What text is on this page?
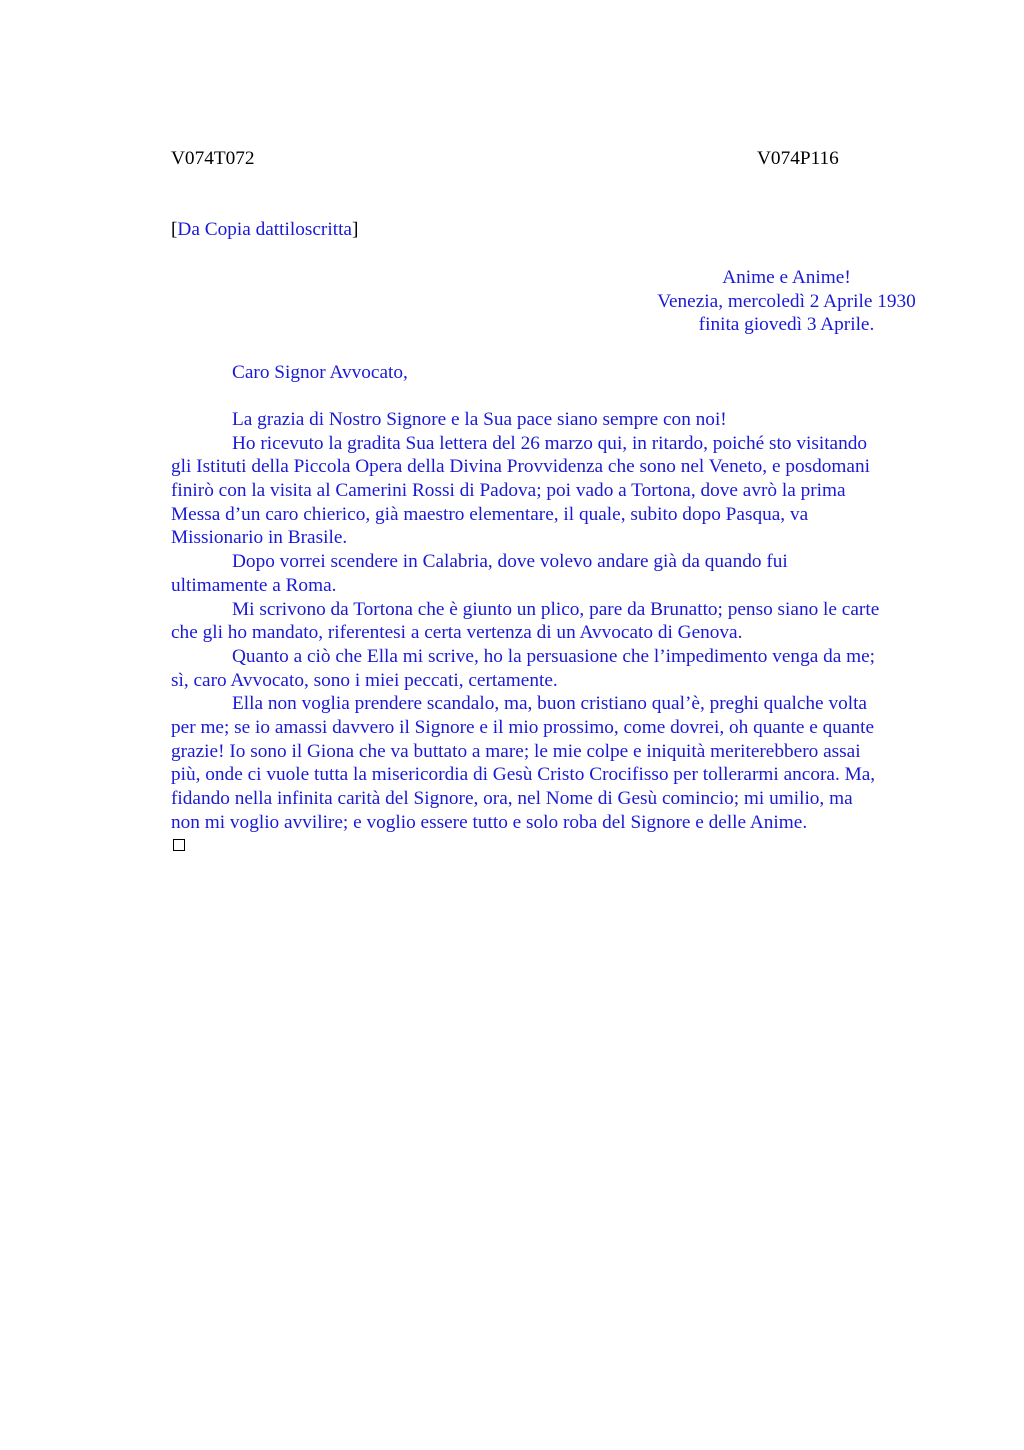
V074T072	V074P116
[Da Copia dattiloscritta]
Anime e Anime!
Venezia, mercoledì 2 Aprile 1930
finita giovedì 3 Aprile.
Caro Signor Avvocato,
La grazia di Nostro Signore e la Sua pace siano sempre con noi!
Ho ricevuto la gradita Sua lettera del 26 marzo qui, in ritardo, poiché sto visitando
gli Istituti della Piccola Opera della Divina Provvidenza che sono nel Veneto, e posdomani
finirò con la visita al Camerini Rossi di Padova; poi vado a Tortona, dove avrò la prima
Messa d’un caro chierico, già maestro elementare, il quale, subito dopo Pasqua, va
Missionario in Brasile.
Dopo vorrei scendere in Calabria, dove volevo andare già da quando fui
ultimamente a Roma.
Mi scrivono da Tortona che è giunto un plico, pare da Brunatto; penso siano le carte
che gli ho mandato, riferentesi a certa vertenza di un Avvocato di Genova.
Quanto a ciò che Ella mi scrive, ho la persuasione che l’impedimento venga da me;
sì, caro Avvocato, sono i miei peccati, certamente.
Ella non voglia prendere scandalo, ma, buon cristiano qual’è, preghi qualche volta
per me; se io amassi davvero il Signore e il mio prossimo, come dovrei, oh quante e quante
grazie! Io sono il Giona che va buttato a mare; le mie colpe e iniquità meriterebbero assai
più, onde ci vuole tutta la misericordia di Gesù Cristo Crocifisso per tollerarmi ancora. Ma,
fidando nella infinita carità del Signore, ora, nel Nome di Gesù comincio; mi umilio, ma
non mi voglio avvilire; e voglio essere tutto e solo roba del Signore e delle Anime.
